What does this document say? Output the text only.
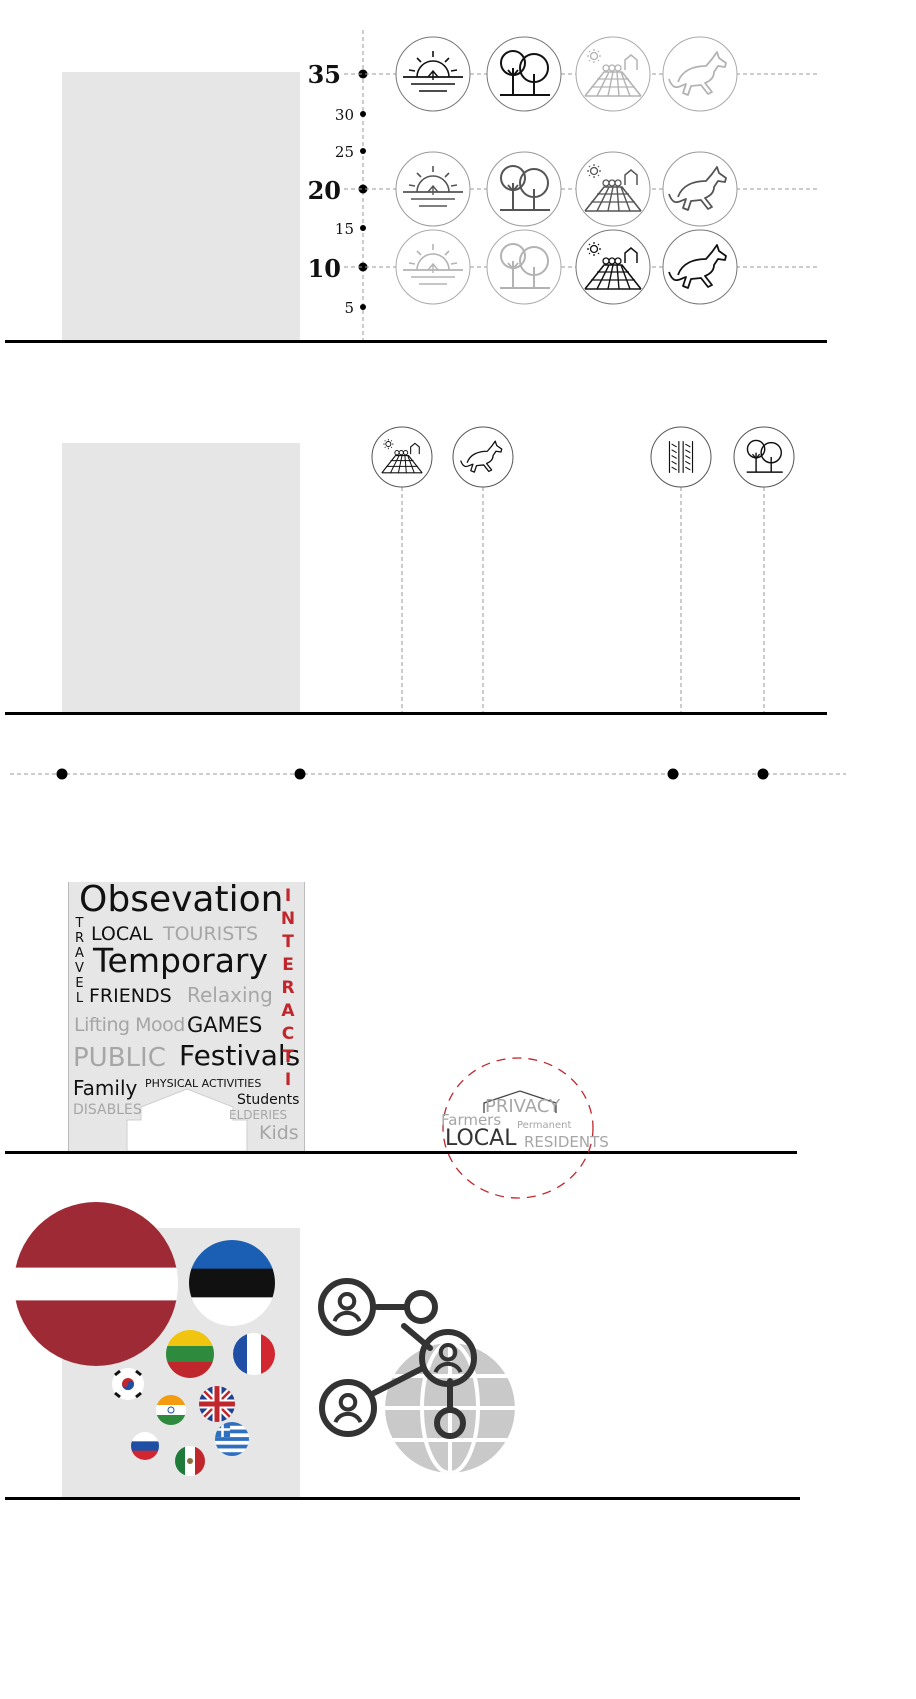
35
30
25
20
15
10
5
Obsevation
TRAVEL LOCAL TOURISTS
Temporary
FRIENDS Relaxing
Lifting Mood GAMES
PUBLIC Festivals
Family PHYSICAL ACTIVITIES
Students
DISABLES	ELDERIES
Kids
INTERACTI
PRIVACY
Farmers Permanent
LOCAL RESIDENTS
